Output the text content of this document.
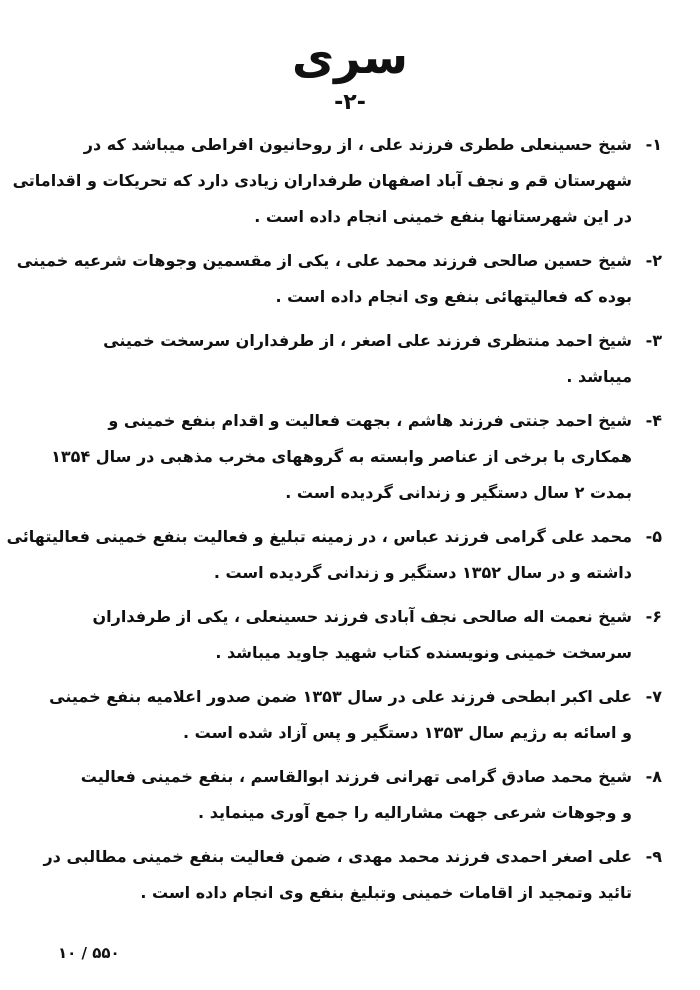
سری
-۲-
۱-شیخ حسینعلی ططری فرزند علی ، از روحانیون افراطی میباشد که در
شهرستان قم و نجف آباد اصفهان طرفداران زیادی دارد که تحریکات و اقداماتی
در این شهرستانها بنفع خمینی انجام داده است .
۲-شیخ حسین صالحی فرزند محمد علی ، یکی از مقسمین وجوهات شرعیه خمینی
بوده که فعالیتهائی بنفع وی انجام داده است .
۳-شیخ احمد منتظری فرزند علی اصغر ، از طرفداران سرسخت خمینی
میباشد .
۴-شیخ احمد جنتی فرزند هاشم ، بجهت فعالیت و اقدام بنفع خمینی و
همکاری با برخی از عناصر وابسته به گروههای مخرب مذهبی در سال ۱۳۵۴
بمدت ۲ سال دستگیر و زندانی گردیده است .
۵-محمد علی گرامی فرزند عباس ، در زمینه تبلیغ و فعالیت بنفع خمینی فعالیتهائی
داشته و در سال ۱۳۵۲ دستگیر و زندانی گردیده است .
۶-شیخ نعمت اله صالحی نجف آبادی فرزند حسینعلی ، یکی از طرفداران
سرسخت خمینی ونویسنده کتاب شهید جاوید میباشد .
۷-علی اکبر ابطحی فرزند علی در سال ۱۳۵۳ ضمن صدور اعلامیه بنفع خمینی
و اسائه به رژیم سال ۱۳۵۳ دستگیر و پس آزاد شده است .
۸-شیخ محمد صادق گرامی تهرانی فرزند ابوالقاسم ، بنفع خمینی فعالیت
و وجوهات شرعی جهت مشارالیه را جمع آوری مینماید .
۹-علی اصغر احمدی فرزند محمد مهدی ، ضمن فعالیت بنفع خمینی مطالبی در
تائید وتمجید از اقامات خمینی وتبلیغ بنفع وی انجام داده است .
۱۰ / ۵۵۰
